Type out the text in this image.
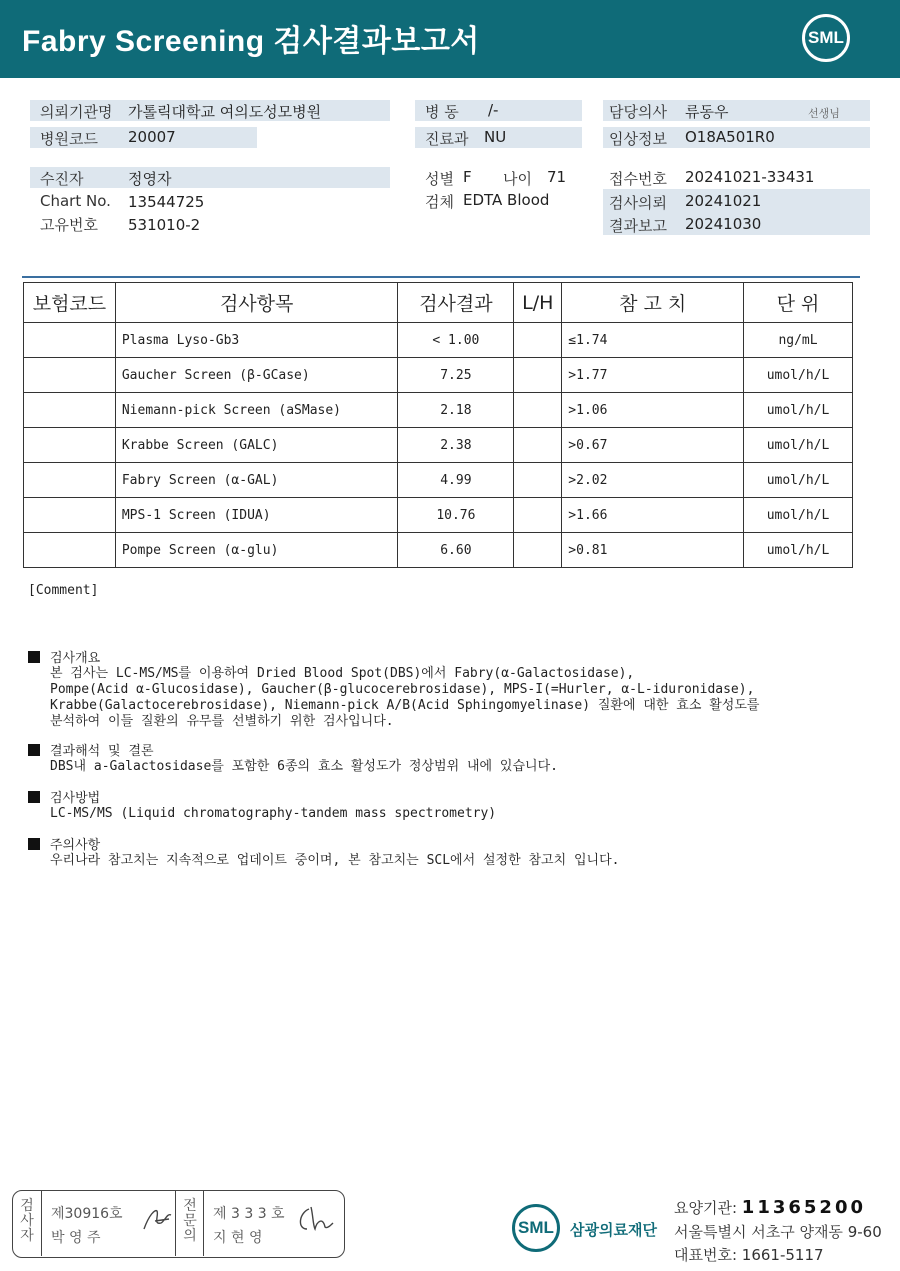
Fabry Screening 검사결과보고서	SML
의뢰기관명 가톨릭대학교 여의도성모병원
병원코드 20007
수진자	정영자
Chart No. 13544725
고유번호 531010-2
병 동 /-
진료과 NU
성별 F 나이 71
검체 EDTA Blood
담당의사 류동우	선생님
임상정보 O18A501R0
접수번호 20241021-33431
검사의뢰 20241021
결과보고 20241030
보험코드	검사항목	검사결과	L/H	참 고 치	단 위
	Plasma Lyso-Gb3	< 1.00		≤1.74	ng/mL
	Gaucher Screen (β-GCase)	7.25		>1.77	umol/h/L
	Niemann-pick Screen (aSMase)	2.18		>1.06	umol/h/L
	Krabbe Screen (GALC)	2.38		>0.67	umol/h/L
	Fabry Screen (α-GAL)	4.99		>2.02	umol/h/L
	MPS-1 Screen (IDUA)	10.76		>1.66	umol/h/L
	Pompe Screen (α-glu)	6.60		>0.81	umol/h/L
[Comment]
검사개요
본 검사는 LC-MS/MS를 이용하여 Dried Blood Spot(DBS)에서 Fabry(α-Galactosidase),
Pompe(Acid α-Glucosidase), Gaucher(β-glucocerebrosidase), MPS-I(=Hurler, α-L-iduronidase),
Krabbe(Galactocerebrosidase), Niemann-pick A/B(Acid Sphingomyelinase) 질환에 대한 효소 활성도를
분석하여 이들 질환의 유무를 선별하기 위한 검사입니다.
결과해석 및 결론
DBS내 a-Galactosidase를 포함한 6종의 효소 활성도가 정상범위 내에 있습니다.
검사방법
LC-MS/MS (Liquid chromatography-tandem mass spectrometry)
주의사항
우리나라 참고치는 지속적으로 업데이트 중이며, 본 참고치는 SCL에서 설정한 참고치 입니다.
검사자
제30916호
박 영 주
전문의
제 3 3 3 호
지 현 영
SML	삼광의료재단
요양기관: 11365200
서울특별시 서초구 양재동 9-60
대표번호: 1661-5117
